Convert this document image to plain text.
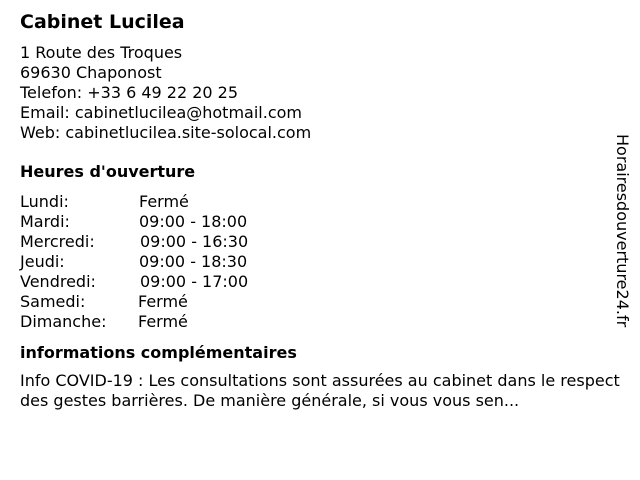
Cabinet Lucilea
1 Route des Troques
69630 Chaponost
Telefon: +33 6 49 22 20 25
Email: cabinetlucilea@hotmail.com
Web: cabinetlucilea.site-solocal.com
Heures d'ouverture
Lundi:	Fermé
Mardi:	09:00 - 18:00
Mercredi:	09:00 - 16:30
Jeudi:	09:00 - 18:30
Vendredi:	09:00 - 17:00
Samedi:	Fermé
Dimanche: Fermé
informations complémentaires
Info COVID-19 : Les consultations sont assurées au cabinet dans le respect des gestes barrières. De manière générale, si vous vous sen...
Horairesdouverture24.fr
